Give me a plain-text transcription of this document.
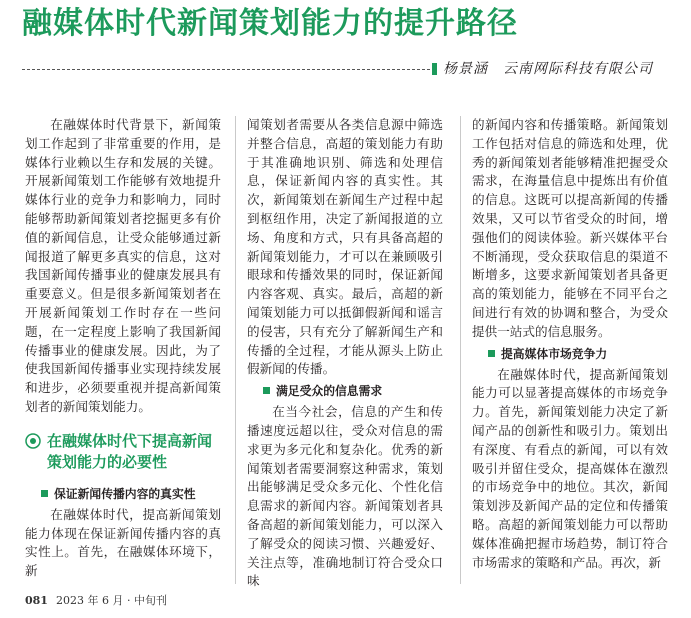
融媒体时代新闻策划能力的提升路径
杨景涵　云南网际科技有限公司

在融媒体时代背景下，新闻策划工作起到了非常重要的作用，是媒体行业赖以生存和发展的关键。开展新闻策划工作能够有效地提升媒体行业的竞争力和影响力，同时能够帮助新闻策划者挖掘更多有价值的新闻信息，让受众能够通过新闻报道了解更多真实的信息，这对我国新闻传播事业的健康发展具有重要意义。但是很多新闻策划者在开展新闻策划工作时存在一些问题，在一定程度上影响了我国新闻传播事业的健康发展。因此，为了使我国新闻传播事业实现持续发展和进步，必须要重视并提高新闻策划者的新闻策划能力。

在融媒体时代下提高新闻策划能力的必要性
保证新闻传播内容的真实性

在融媒体时代，提高新闻策划能力体现在保证新闻传播内容的真实性上。首先，在融媒体环境下，新

闻策划者需要从各类信息源中筛选并整合信息，高超的策划能力有助于其准确地识别、筛选和处理信息，保证新闻内容的真实性。其次，新闻策划在新闻生产过程中起到枢纽作用，决定了新闻报道的立场、角度和方式，只有具备高超的新闻策划能力，才可以在兼顾吸引眼球和传播效果的同时，保证新闻内容客观、真实。最后，高超的新闻策划能力可以抵御假新闻和谣言的侵害，只有充分了解新闻生产和传播的全过程，才能从源头上防止假新闻的传播。

满足受众的信息需求

在当今社会，信息的产生和传播速度远超以往，受众对信息的需求更为多元化和复杂化。优秀的新闻策划者需要洞察这种需求，策划出能够满足受众多元化、个性化信息需求的新闻内容。新闻策划者具备高超的新闻策划能力，可以深入了解受众的阅读习惯、兴趣爱好、关注点等，准确地制订符合受众口味

的新闻内容和传播策略。新闻策划工作包括对信息的筛选和处理，优秀的新闻策划者能够精准把握受众需求，在海量信息中提炼出有价值的信息。这既可以提高新闻的传播效果，又可以节省受众的时间，增强他们的阅读体验。新兴媒体平台不断涌现，受众获取信息的渠道不断增多，这要求新闻策划者具备更高的策划能力，能够在不同平台之间进行有效的协调和整合，为受众提供一站式的信息服务。

提高媒体市场竞争力

在融媒体时代，提高新闻策划能力可以显著提高媒体的市场竞争力。首先，新闻策划能力决定了新闻产品的创新性和吸引力。策划出有深度、有看点的新闻，可以有效吸引并留住受众，提高媒体在激烈的市场竞争中的地位。其次，新闻策划涉及新闻产品的定位和传播策略。高超的新闻策划能力可以帮助媒体准确把握市场趋势，制订符合市场需求的策略和产品。再次，新

081 2023 年 6 月 · 中旬刊
